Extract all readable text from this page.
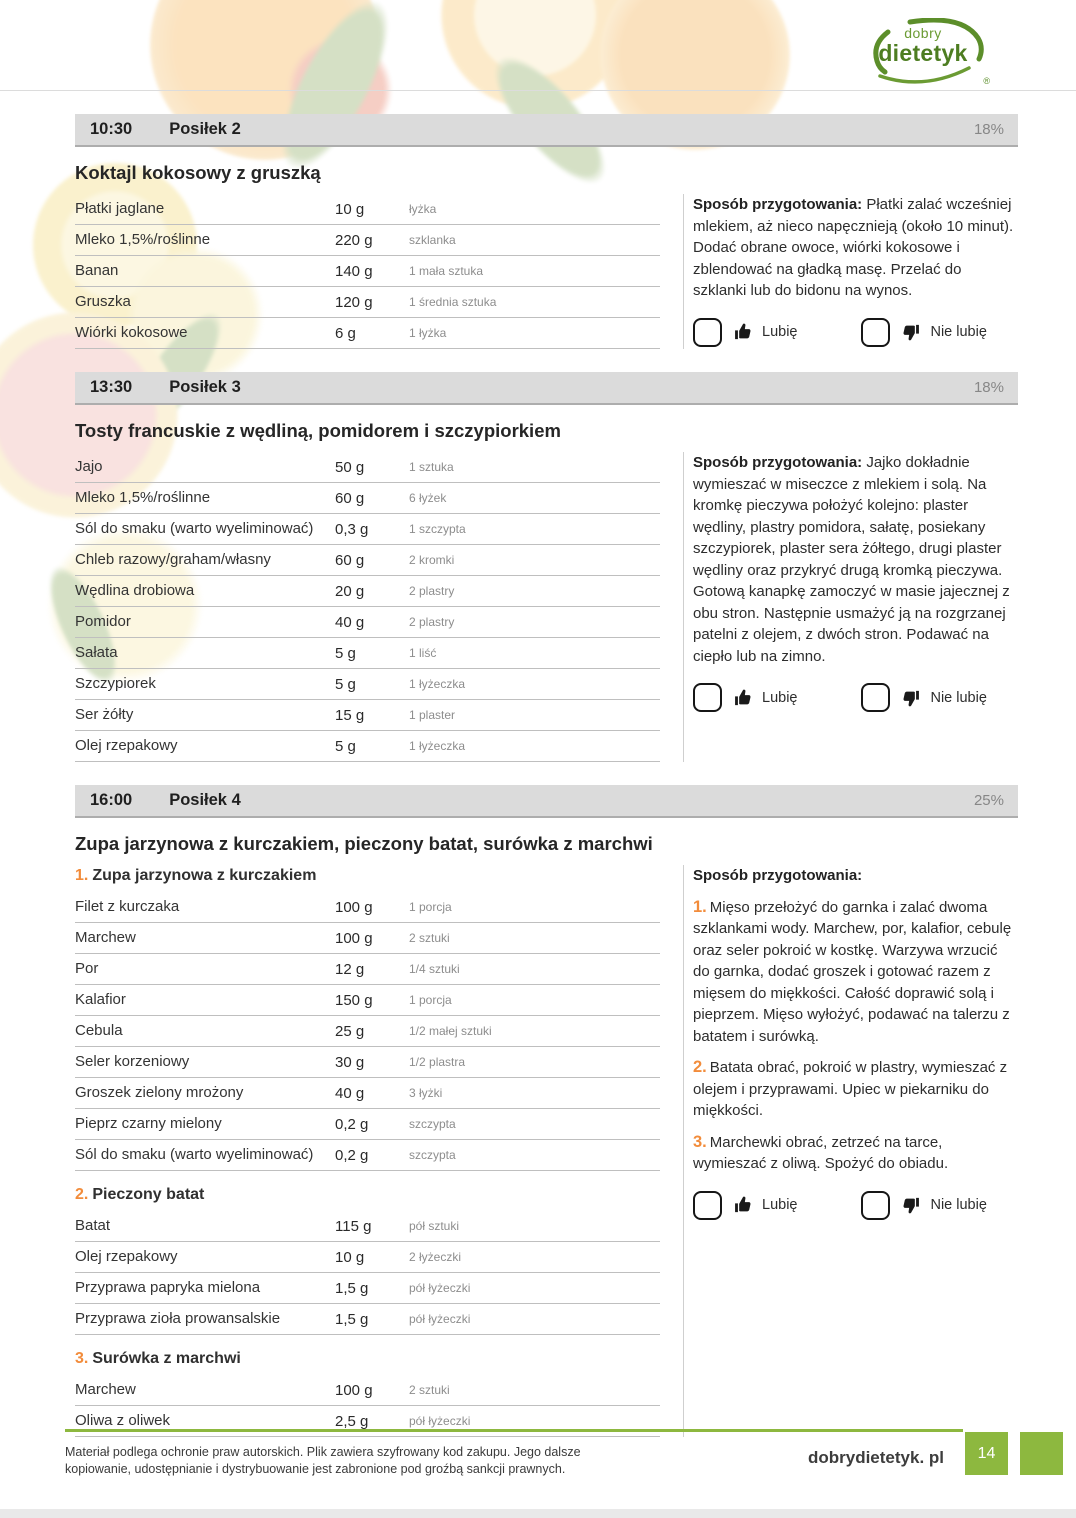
dobry
dietetyk
®
10:30 Posiłek 2	18%
Koktajl kokosowy z gruszką
Płatki jaglane	10 g	łyżka
Mleko 1,5%/roślinne	220 g	szklanka
Banan	140 g	1 mała sztuka
Gruszka	120 g	1 średnia sztuka
Wiórki kokosowe	6 g	1 łyżka

Sposób przygotowania: Płatki zalać wcześniej mlekiem, aż nieco napęcznieją (około 10 minut). Dodać obrane owoce, wiórki kokosowe i zblendować na gładką masę. Przelać do szklanki lub do bidonu na wynos.

Lubię	Nie lubię
13:30 Posiłek 3	18%
Tosty francuskie z wędliną, pomidorem i szczypiorkiem
Jajo	50 g	1 sztuka
Mleko 1,5%/roślinne	60 g	6 łyżek
Sól do smaku (warto wyeliminować)	0,3 g	1 szczypta
Chleb razowy/graham/własny	60 g	2 kromki
Wędlina drobiowa	20 g	2 plastry
Pomidor	40 g	2 plastry
Sałata	5 g	1 liść
Szczypiorek	5 g	1 łyżeczka
Ser żółty	15 g	1 plaster
Olej rzepakowy	5 g	1 łyżeczka

Sposób przygotowania: Jajko dokładnie wymieszać w miseczce z mlekiem i solą. Na kromkę pieczywa położyć kolejno: plaster wędliny, plastry pomidora, sałatę, posiekany szczypiorek, plaster sera żółtego, drugi plaster wędliny oraz przykryć drugą kromką pieczywa. Gotową kanapkę zamoczyć w masie jajecznej z obu stron. Następnie usmażyć ją na rozgrzanej patelni z olejem, z dwóch stron. Podawać na ciepło lub na zimno.

Lubię	Nie lubię
16:00 Posiłek 4	25%
Zupa jarzynowa z kurczakiem, pieczony batat, surówka z marchwi
1. Zupa jarzynowa z kurczakiem
Filet z kurczaka	100 g	1 porcja
Marchew	100 g	2 sztuki
Por	12 g	1/4 sztuki
Kalafior	150 g	1 porcja
Cebula	25 g	1/2 małej sztuki
Seler korzeniowy	30 g	1/2 plastra
Groszek zielony mrożony	40 g	3 łyżki
Pieprz czarny mielony	0,2 g	szczypta
Sól do smaku (warto wyeliminować)	0,2 g	szczypta
2. Pieczony batat
Batat	115 g	pół sztuki
Olej rzepakowy	10 g	2 łyżeczki
Przyprawa papryka mielona	1,5 g	pół łyżeczki
Przyprawa zioła prowansalskie	1,5 g	pół łyżeczki
3. Surówka z marchwi
Marchew	100 g	2 sztuki
Oliwa z oliwek	2,5 g	pół łyżeczki

Sposób przygotowania:

1. Mięso przełożyć do garnka i zalać dwoma szklankami wody. Marchew, por, kalafior, cebulę oraz seler pokroić w kostkę. Warzywa wrzucić do garnka, dodać groszek i gotować razem z mięsem do miękkości. Całość doprawić solą i pieprzem. Mięso wyłożyć, podawać na talerzu z batatem i surówką.

2. Batata obrać, pokroić w plastry, wymieszać z olejem i przyprawami. Upiec w piekarniku do miękkości.

3. Marchewki obrać, zetrzeć na tarce, wymieszać z oliwą. Spożyć do obiadu.

Lubię	Nie lubię
Materiał podlega ochronie praw autorskich. Plik zawiera szyfrowany kod zakupu. Jego dalsze kopiowanie, udostępnianie i dystrybuowanie jest zabronione pod groźbą sankcji prawnych.
dobrydietetyk. pl	14
